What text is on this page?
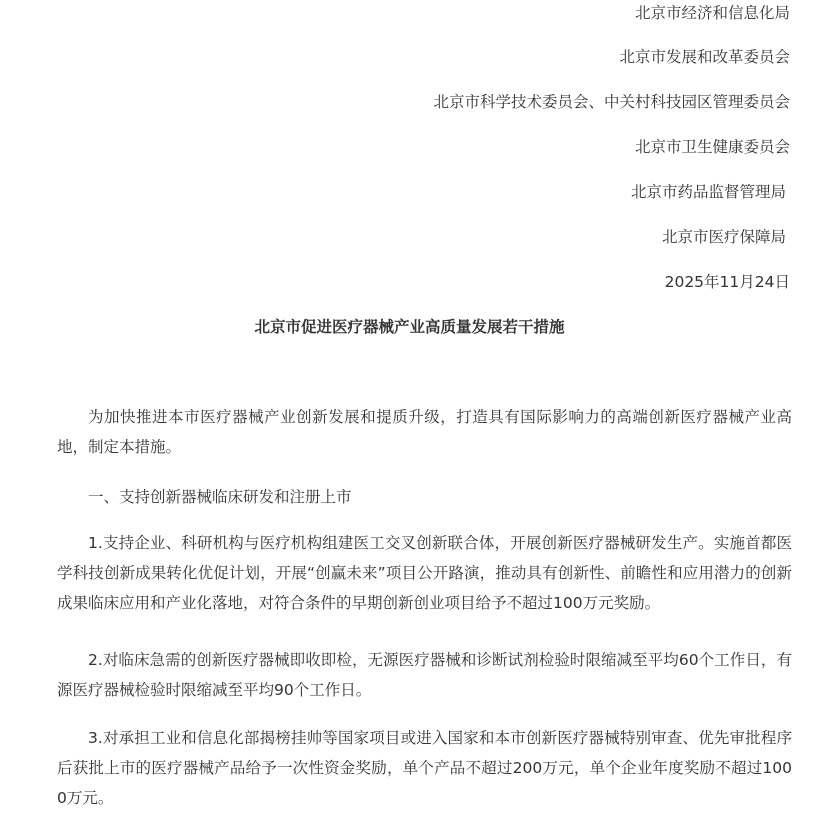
北京市经济和信息化局
北京市发展和改革委员会
北京市科学技术委员会、中关村科技园区管理委员会
北京市卫生健康委员会
北京市药品监督管理局
北京市医疗保障局
2025年11月24日
北京市促进医疗器械产业高质量发展若干措施
为加快推进本市医疗器械产业创新发展和提质升级，打造具有国际影响力的高端创新医疗器械产业高地，制定本措施。
一、支持创新器械临床研发和注册上市
1.支持企业、科研机构与医疗机构组建医工交叉创新联合体，开展创新医疗器械研发生产。实施首都医学科技创新成果转化优促计划，开展“创赢未来”项目公开路演，推动具有创新性、前瞻性和应用潜力的创新成果临床应用和产业化落地，对符合条件的早期创新创业项目给予不超过100万元奖励。
2.对临床急需的创新医疗器械即收即检，无源医疗器械和诊断试剂检验时限缩减至平均60个工作日，有源医疗器械检验时限缩减至平均90个工作日。
3.对承担工业和信息化部揭榜挂帅等国家项目或进入国家和本市创新医疗器械特别审查、优先审批程序后获批上市的医疗器械产品给予一次性资金奖励，单个产品不超过200万元，单个企业年度奖励不超过1000万元。
